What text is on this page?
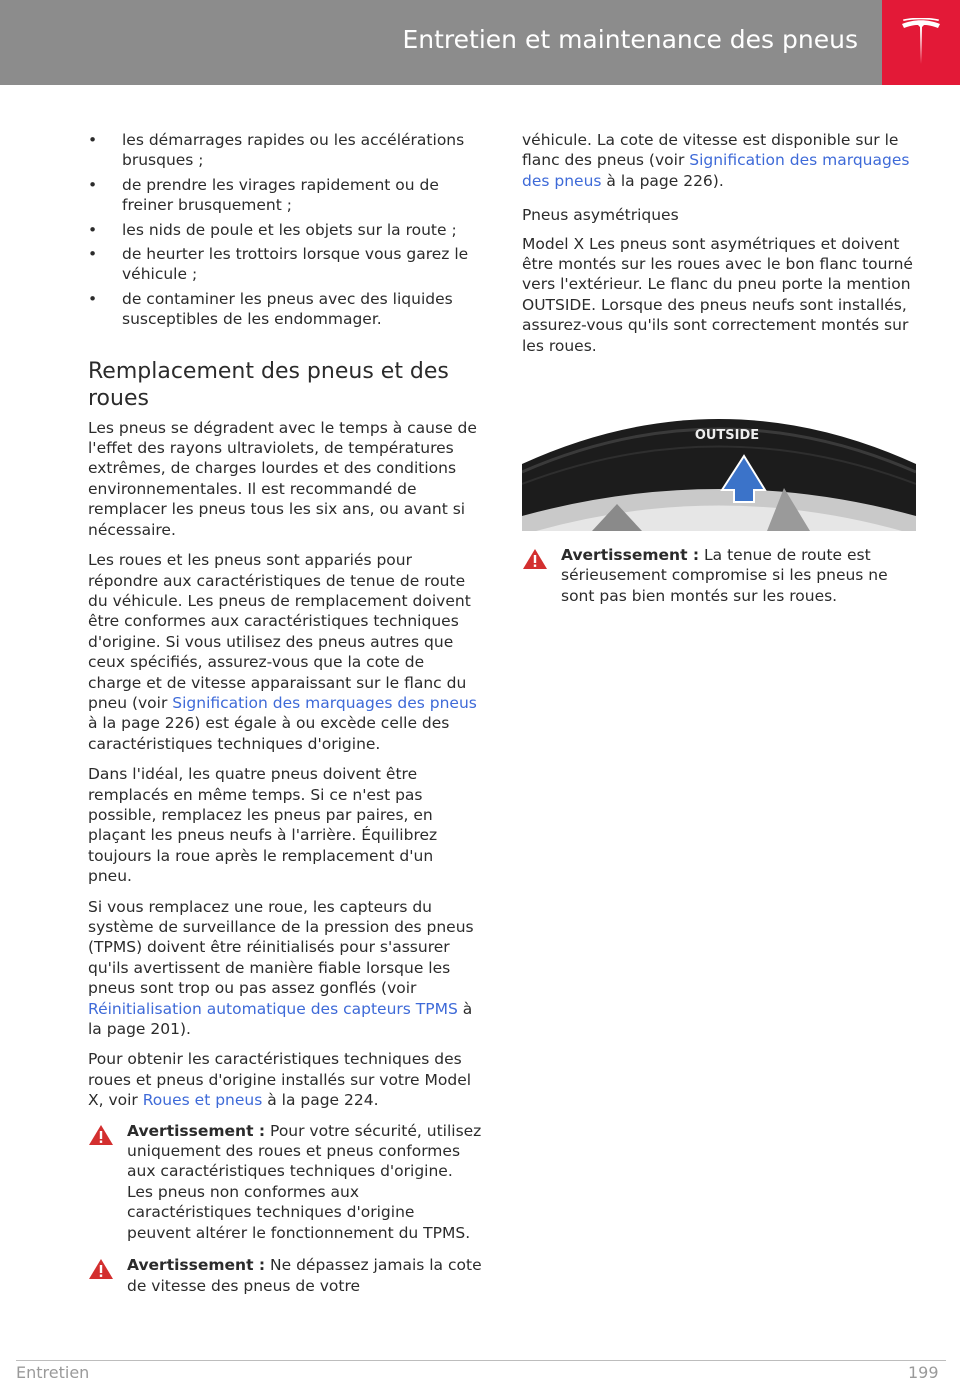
Entretien et maintenance des pneus
• les démarrages rapides ou les accélérations brusques ;
• de prendre les virages rapidement ou de freiner brusquement ;
• les nids de poule et les objets sur la route ;
• de heurter les trottoirs lorsque vous garez le véhicule ;
• de contaminer les pneus avec des liquides susceptibles de les endommager.
Remplacement des pneus et des roues

Les pneus se dégradent avec le temps à cause de l'effet des rayons ultraviolets, de températures extrêmes, de charges lourdes et des conditions environnementales. Il est recommandé de remplacer les pneus tous les six ans, ou avant si nécessaire.

Les roues et les pneus sont appariés pour répondre aux caractéristiques de tenue de route du véhicule. Les pneus de remplacement doivent être conformes aux caractéristiques techniques d'origine. Si vous utilisez des pneus autres que ceux spécifiés, assurez-vous que la cote de charge et de vitesse apparaissant sur le flanc du pneu (voir Signification des marquages des pneus à la page 226) est égale à ou excède celle des caractéristiques techniques d'origine.

Dans l'idéal, les quatre pneus doivent être remplacés en même temps. Si ce n'est pas possible, remplacez les pneus par paires, en plaçant les pneus neufs à l'arrière. Équilibrez toujours la roue après le remplacement d'un pneu.

Si vous remplacez une roue, les capteurs du système de surveillance de la pression des pneus (TPMS) doivent être réinitialisés pour s'assurer qu'ils avertissent de manière fiable lorsque les pneus sont trop ou pas assez gonflés (voir Réinitialisation automatique des capteurs TPMS à la page 201).

Pour obtenir les caractéristiques techniques des roues et pneus d'origine installés sur votre Model X, voir Roues et pneus à la page 224.

Avertissement : Pour votre sécurité, utilisez uniquement des roues et pneus conformes aux caractéristiques techniques d'origine. Les pneus non conformes aux caractéristiques techniques d'origine peuvent altérer le fonctionnement du TPMS.
Avertissement : Ne dépassez jamais la cote de vitesse des pneus de votre

véhicule. La cote de vitesse est disponible sur le flanc des pneus (voir Signification des marquages des pneus à la page 226).

Pneus asymétriques

Model X Les pneus sont asymétriques et doivent être montés sur les roues avec le bon flanc tourné vers l'extérieur. Le flanc du pneu porte la mention OUTSIDE. Lorsque des pneus neufs sont installés, assurez-vous qu'ils sont correctement montés sur les roues.

OUTSIDE
Avertissement : La tenue de route est sérieusement compromise si les pneus ne sont pas bien montés sur les roues.
Entretien	199
